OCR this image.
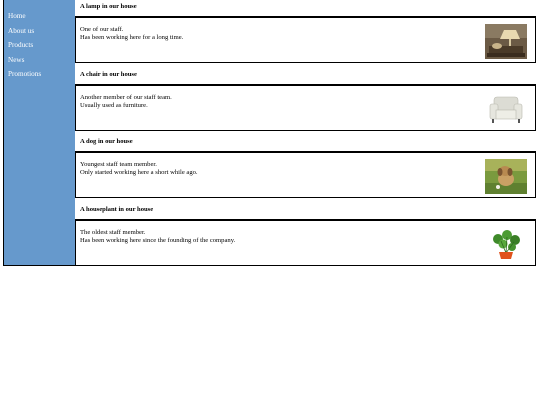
Home
About us
Products
News
Promotions
A lamp in our house

One of our staff.
Has been working here for a long time.

A chair in our house

Another member of our staff team.
Usually used as furniture.

A dog in our house

Youngest staff team member.
Only started working here a short while ago.

A houseplant in our house

The oldest staff member.
Has been working here since the founding of the company.
